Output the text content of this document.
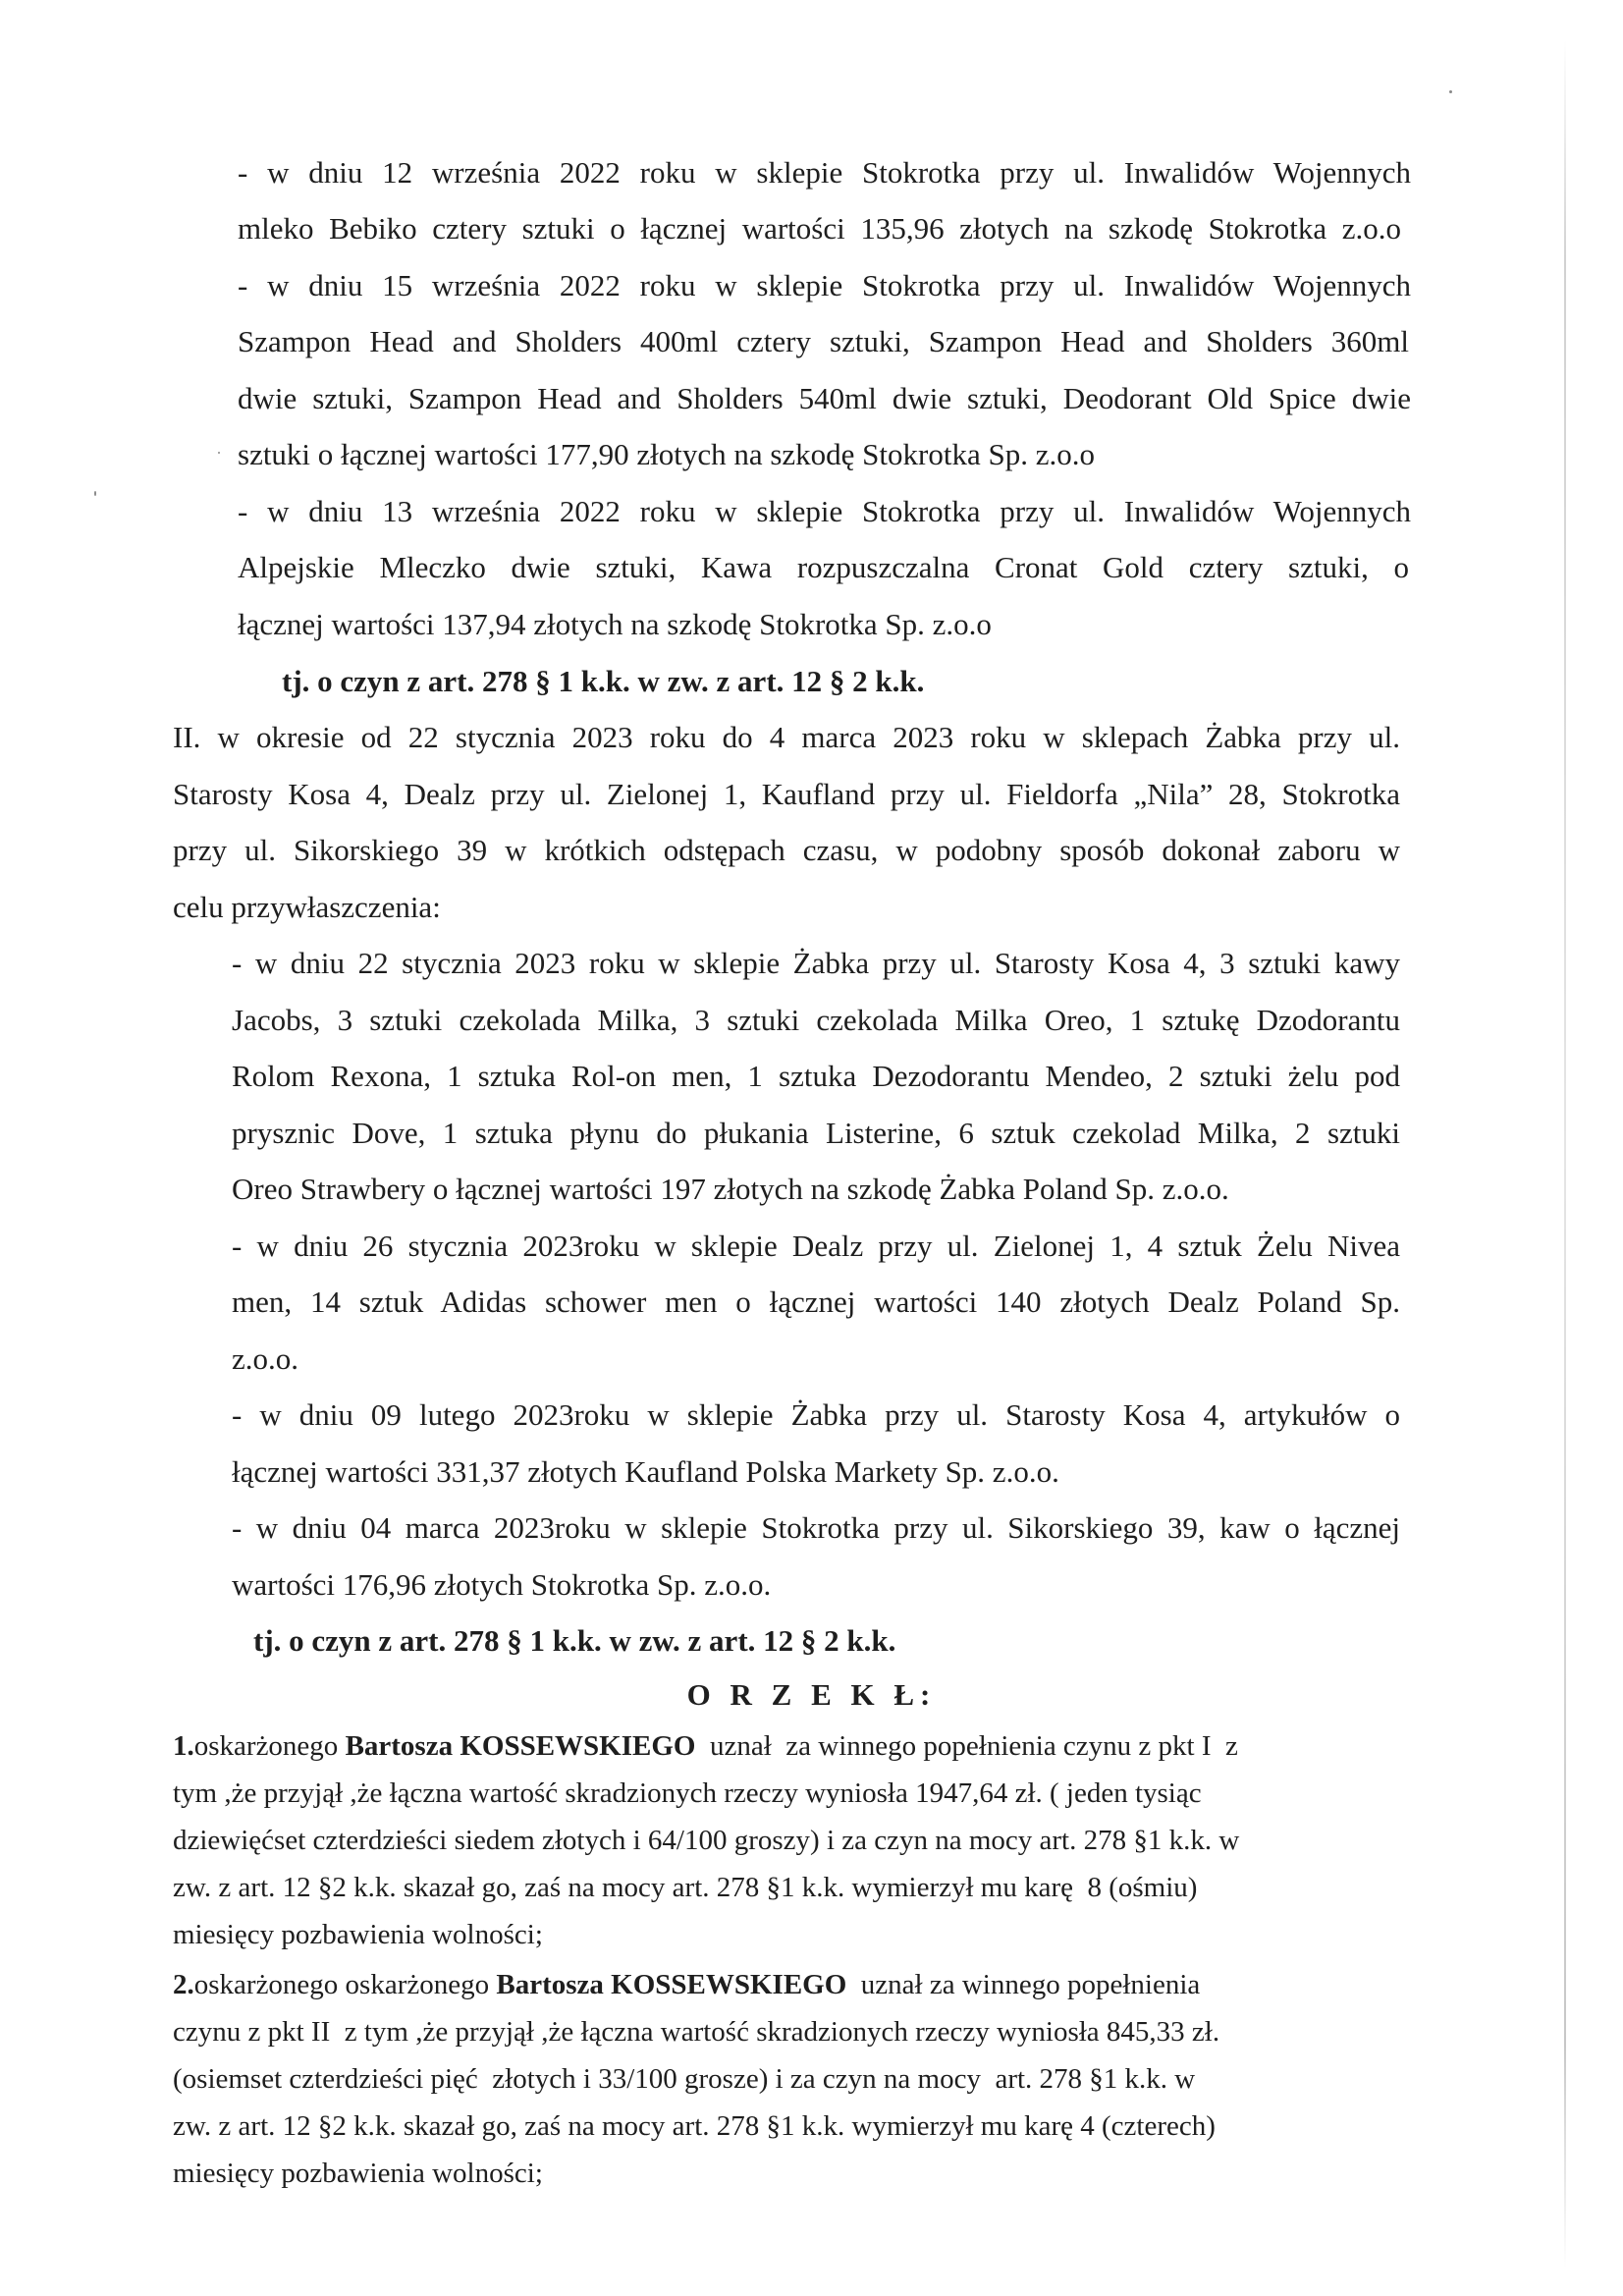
- w dniu 12 września 2022 roku w sklepie Stokrotka przy ul. Inwalidów Wojennych
mleko Bebiko cztery sztuki o łącznej wartości 135,96 złotych na szkodę Stokrotka z.o.o
- w dniu 15 września 2022 roku w sklepie Stokrotka przy ul. Inwalidów Wojennych
Szampon Head and Sholders 400ml cztery sztuki, Szampon Head and Sholders 360ml
dwie sztuki, Szampon Head and Sholders 540ml dwie sztuki, Deodorant Old Spice dwie
sztuki o łącznej wartości 177,90 złotych na szkodę Stokrotka Sp. z.o.o
- w dniu 13 września 2022 roku w sklepie Stokrotka przy ul. Inwalidów Wojennych
Alpejskie Mleczko dwie sztuki, Kawa rozpuszczalna Cronat Gold cztery sztuki, o
łącznej wartości 137,94 złotych na szkodę Stokrotka Sp. z.o.o
tj. o czyn z art. 278 § 1 k.k. w zw. z art. 12 § 2 k.k.
II. w okresie od 22 stycznia 2023 roku do 4 marca 2023 roku w sklepach Żabka przy ul.
Starosty Kosa 4, Dealz przy ul. Zielonej 1, Kaufland przy ul. Fieldorfa „Nila” 28, Stokrotka
przy ul. Sikorskiego 39 w krótkich odstępach czasu, w podobny sposób dokonał zaboru w
celu przywłaszczenia:
- w dniu 22 stycznia 2023 roku w sklepie Żabka przy ul. Starosty Kosa 4, 3 sztuki kawy
Jacobs, 3 sztuki czekolada Milka, 3 sztuki czekolada Milka Oreo, 1 sztukę Dzodorantu
Rolom Rexona, 1 sztuka Rol-on men, 1 sztuka Dezodorantu Mendeo, 2 sztuki żelu pod
prysznic Dove, 1 sztuka płynu do płukania Listerine, 6 sztuk czekolad Milka, 2 sztuki
Oreo Strawbery o łącznej wartości 197 złotych na szkodę Żabka Poland Sp. z.o.o.
- w dniu 26 stycznia 2023roku w sklepie Dealz przy ul. Zielonej 1, 4 sztuk Żelu Nivea
men, 14 sztuk Adidas schower men o łącznej wartości 140 złotych Dealz Poland Sp.
z.o.o.
- w dniu 09 lutego 2023roku w sklepie Żabka przy ul. Starosty Kosa 4, artykułów o
łącznej wartości 331,37 złotych Kaufland Polska Markety Sp. z.o.o.
- w dniu 04 marca 2023roku w sklepie Stokrotka przy ul. Sikorskiego 39, kaw o łącznej
wartości 176,96 złotych Stokrotka Sp. z.o.o.
tj. o czyn z art. 278 § 1 k.k. w zw. z art. 12 § 2 k.k.
O R Z E K Ł:
1.oskarżonego Bartosza KOSSEWSKIEGO  uznał  za winnego popełnienia czynu z pkt I  z
tym ,że przyjął ,że łączna wartość skradzionych rzeczy wyniosła 1947,64 zł. ( jeden tysiąc
dziewięćset czterdzieści siedem złotych i 64/100 groszy) i za czyn na mocy art. 278 §1 k.k. w
zw. z art. 12 §2 k.k. skazał go, zaś na mocy art. 278 §1 k.k. wymierzył mu karę  8 (ośmiu)
miesięcy pozbawienia wolności;
2.oskarżonego oskarżonego Bartosza KOSSEWSKIEGO  uznał za winnego popełnienia
czynu z pkt II  z tym ,że przyjął ,że łączna wartość skradzionych rzeczy wyniosła 845,33 zł.
(osiemset czterdzieści pięć  złotych i 33/100 grosze) i za czyn na mocy  art. 278 §1 k.k. w
zw. z art. 12 §2 k.k. skazał go, zaś na mocy art. 278 §1 k.k. wymierzył mu karę 4 (czterech)
miesięcy pozbawienia wolności;
